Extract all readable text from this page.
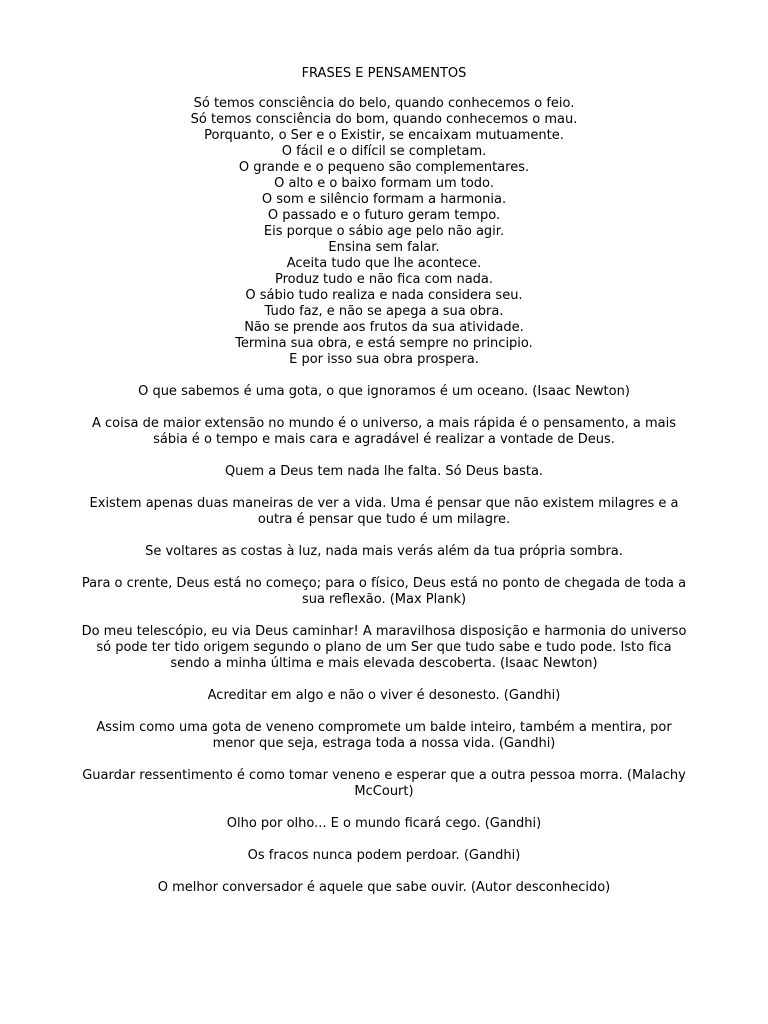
FRASES E PENSAMENTOS
Só temos consciência do belo, quando conhecemos o feio.
Só temos consciência do bom, quando conhecemos o mau.
Porquanto, o Ser e o Existir, se encaixam mutuamente.
O fácil e o difícil se completam.
O grande e o pequeno são complementares.
O alto e o baixo formam um todo.
O som e silêncio formam a harmonia.
O passado e o futuro geram tempo.
Eis porque o sábio age pelo não agir.
Ensina sem falar.
Aceita tudo que lhe acontece.
Produz tudo e não fica com nada.
O sábio tudo realiza e nada considera seu.
Tudo faz, e não se apega a sua obra.
Não se prende aos frutos da sua atividade.
Termina sua obra, e está sempre no principio.
E por isso sua obra prospera.
O que sabemos é uma gota, o que ignoramos é um oceano. (Isaac Newton)
A coisa de maior extensão no mundo é o universo, a mais rápida é o pensamento, a mais
sábia é o tempo e mais cara e agradável é realizar a vontade de Deus.
Quem a Deus tem nada lhe falta. Só Deus basta.
Existem apenas duas maneiras de ver a vida. Uma é pensar que não existem milagres e a
outra é pensar que tudo é um milagre.
Se voltares as costas à luz, nada mais verás além da tua própria sombra.
Para o crente, Deus está no começo; para o físico, Deus está no ponto de chegada de toda a
sua reflexão. (Max Plank)
Do meu telescópio, eu via Deus caminhar! A maravilhosa disposição e harmonia do universo
só pode ter tido origem segundo o plano de um Ser que tudo sabe e tudo pode. Isto fica
sendo a minha última e mais elevada descoberta. (Isaac Newton)
Acreditar em algo e não o viver é desonesto. (Gandhi)
Assim como uma gota de veneno compromete um balde inteiro, também a mentira, por
menor que seja, estraga toda a nossa vida. (Gandhi)
Guardar ressentimento é como tomar veneno e esperar que a outra pessoa morra. (Malachy
McCourt)
Olho por olho... E o mundo ficará cego. (Gandhi)
Os fracos nunca podem perdoar. (Gandhi)
O melhor conversador é aquele que sabe ouvir. (Autor desconhecido)
